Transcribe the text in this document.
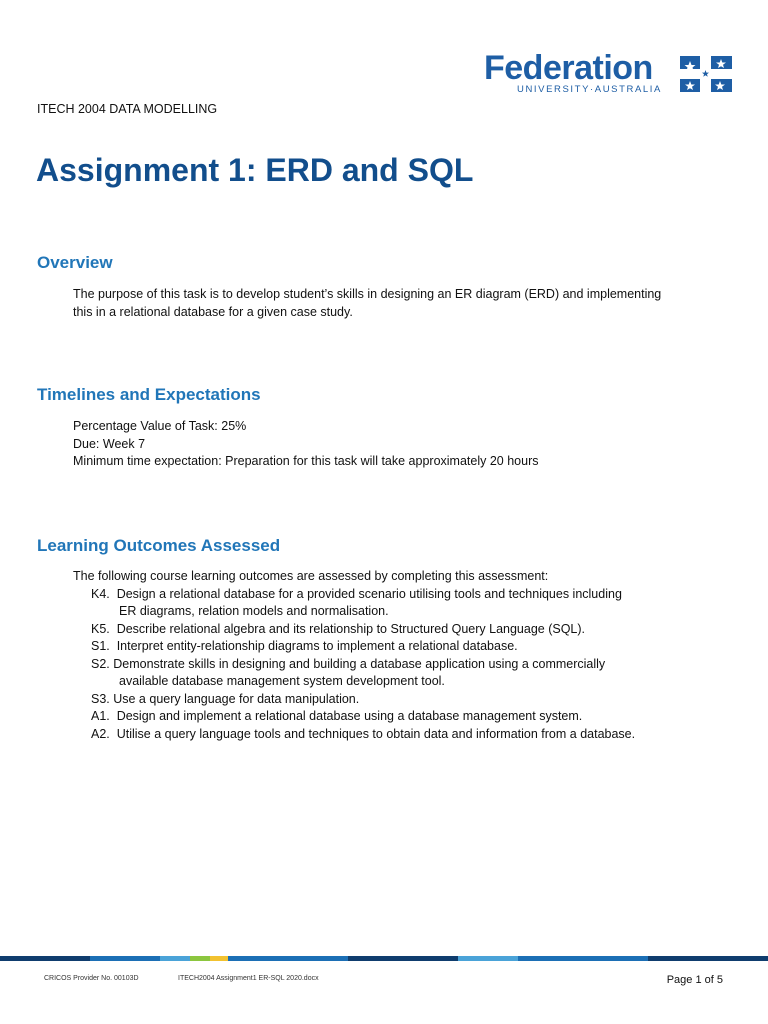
Federation
UNIVERSITY·AUSTRALIA
ITECH 2004 DATA MODELLING
Assignment 1: ERD and SQL
Overview

The purpose of this task is to develop student’s skills in designing an ER diagram (ERD) and implementing this in a relational database for a given case study.

Timelines and Expectations
Percentage Value of Task: 25%
Due: Week 7
Minimum time expectation: Preparation for this task will take approximately 20 hours
Learning Outcomes Assessed
The following course learning outcomes are assessed by completing this assessment:
K4.  Design a relational database for a provided scenario utilising tools and techniques including
ER diagrams, relation models and normalisation.
K5.  Describe relational algebra and its relationship to Structured Query Language (SQL).
S1.  Interpret entity-relationship diagrams to implement a relational database.
S2. Demonstrate skills in designing and building a database application using a commercially
available database management system development tool.
S3. Use a query language for data manipulation.
A1.  Design and implement a relational database using a database management system.
A2.  Utilise a query language tools and techniques to obtain data and information from a database.
CRICOS Provider No. 00103D	ITECH2004 Assignment1 ER-SQL 2020.docx	Page 1 of 5
